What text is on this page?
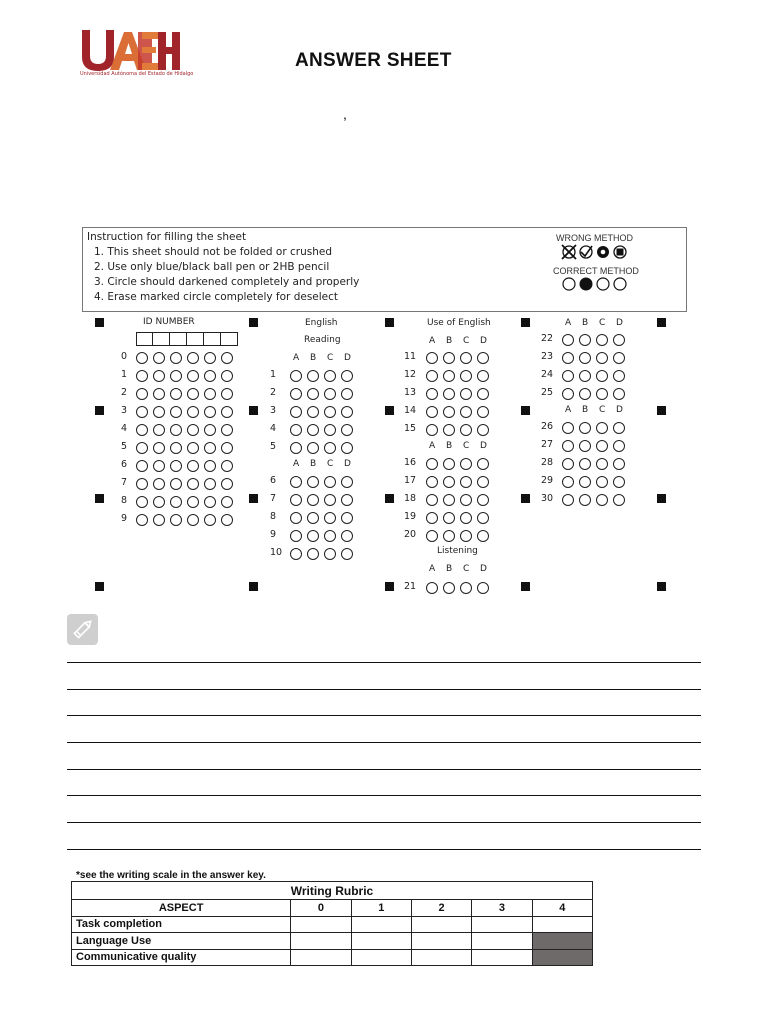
Universidad Autónoma del Estado de Hidalgo
ANSWER SHEET
,
Instruction for filling the sheet
1. This sheet should not be folded or crushed
2. Use only blue/black ball pen or 2HB pencil
3. Circle should darkened completely and properly
4. Erase marked circle completely for deselect
WRONG METHOD
CORRECT METHOD
0
1
2
3
4
5
6
7
8
9
A B C D
1
2
3
4
5
A B C D
6
7
8
9
10
A B C D
11
12
13
14
15
A B C D
16
17
18
19
20
A B C D
21
A B C D
22
23
24
25
A B C D
26
27
28
29
30
ID NUMBER	English
Reading
Use of English
Listening
*see the writing scale in the answer key.
Writing Rubric					
ASPECT	0	1	2	3	4
Task completion					
Language Use					
Communicative quality					
